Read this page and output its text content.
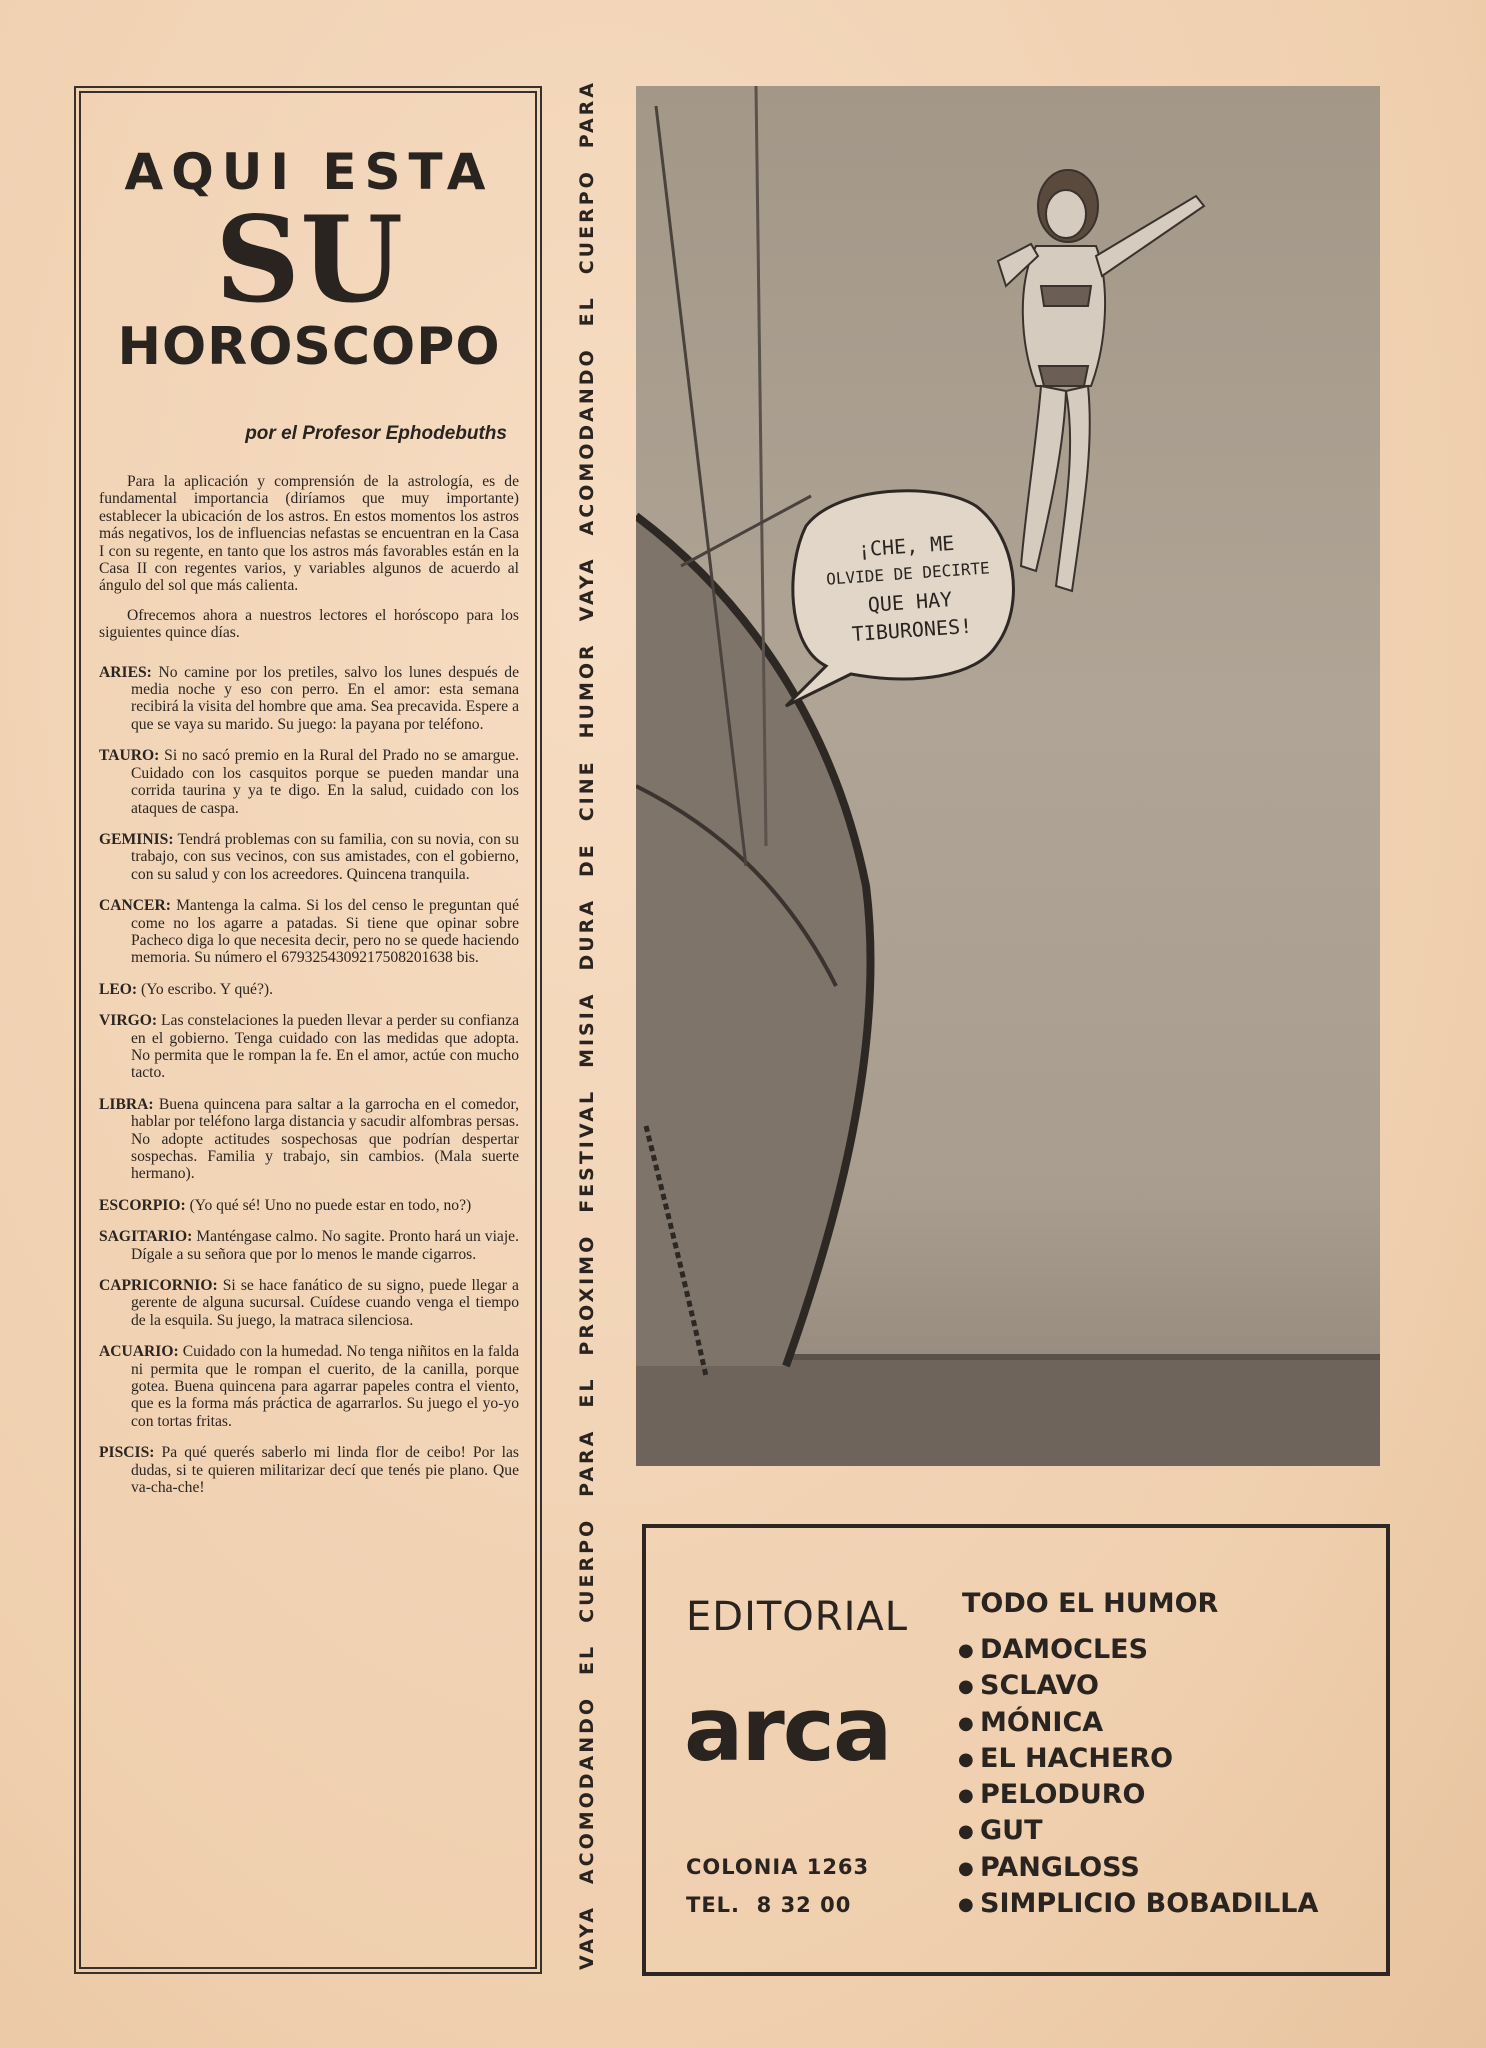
AQUI ESTA
SU
HOROSCOPO
por el Profesor Ephodebuths

Para la aplicación y comprensión de la astrología, es de fundamental importancia (diríamos que muy importante) establecer la ubicación de los astros. En estos momentos los astros más negativos, los de influencias nefastas se encuentran en la Casa I con su regente, en tanto que los astros más favorables están en la Casa II con regentes varios, y variables algunos de acuerdo al ángulo del sol que más calienta.

Ofrecemos ahora a nuestros lectores el horóscopo para los siguientes quince días.

ARIES: No camine por los pretiles, salvo los lunes después de media noche y eso con perro. En el amor: esta semana recibirá la visita del hombre que ama. Sea precavida. Espere a que se vaya su marido. Su juego: la payana por teléfono.

TAURO: Si no sacó premio en la Rural del Prado no se amargue. Cuidado con los casquitos porque se pueden mandar una corrida taurina y ya te digo. En la salud, cuidado con los ataques de caspa.

GEMINIS: Tendrá problemas con su familia, con su novia, con su trabajo, con sus vecinos, con sus amistades, con el gobierno, con su salud y con los acreedores. Quincena tranquila.

CANCER: Mantenga la calma. Si los del censo le preguntan qué come no los agarre a patadas. Si tiene que opinar sobre Pacheco diga lo que necesita decir, pero no se quede haciendo memoria. Su número el 6793254309217508201638 bis.

LEO: (Yo escribo. Y qué?).

VIRGO: Las constelaciones la pueden llevar a perder su confianza en el gobierno. Tenga cuidado con las medidas que adopta. No permita que le rompan la fe. En el amor, actúe con mucho tacto.

LIBRA: Buena quincena para saltar a la garrocha en el comedor, hablar por teléfono larga distancia y sacudir alfombras persas. No adopte actitudes sospechosas que podrían despertar sospechas. Familia y trabajo, sin cambios. (Mala suerte hermano).

ESCORPIO: (Yo qué sé! Uno no puede estar en todo, no?)

SAGITARIO: Manténgase calmo. No sagite. Pronto hará un viaje. Dígale a su señora que por lo menos le mande cigarros.

CAPRICORNIO: Si se hace fanático de su signo, puede llegar a gerente de alguna sucursal. Cuídese cuando venga el tiempo de la esquila. Su juego, la matraca silenciosa.

ACUARIO: Cuidado con la humedad. No tenga niñitos en la falda ni permita que le rompan el cuerito, de la canilla, porque gotea. Buena quincena para agarrar papeles contra el viento, que es la forma más práctica de agarrarlos. Su juego el yo-yo con tortas fritas.

PISCIS: Pa qué querés saberlo mi linda flor de ceibo! Por las dudas, si te quieren militarizar decí que tenés pie plano. Que va-cha-che!

VAYA
ACOMODANDO
EL
CUERPO
PARA
EL
PROXIMO
FESTIVAL
MISIA
DURA
DE
CINE
HUMOR
VAYA
ACOMODANDO
EL
CUERPO
PARA
¡CHE, ME
OLVIDE DE DECIRTE
QUE HAY
TIBURONES!
EDITORIAL
arca
COLONIA 1263
TEL.  8 32 00
TODO EL HUMOR
● DAMOCLES
● SCLAVO
● MÓNICA
● EL HACHERO
● PELODURO
● GUT
● PANGLOSS
● SIMPLICIO BOBADILLA
